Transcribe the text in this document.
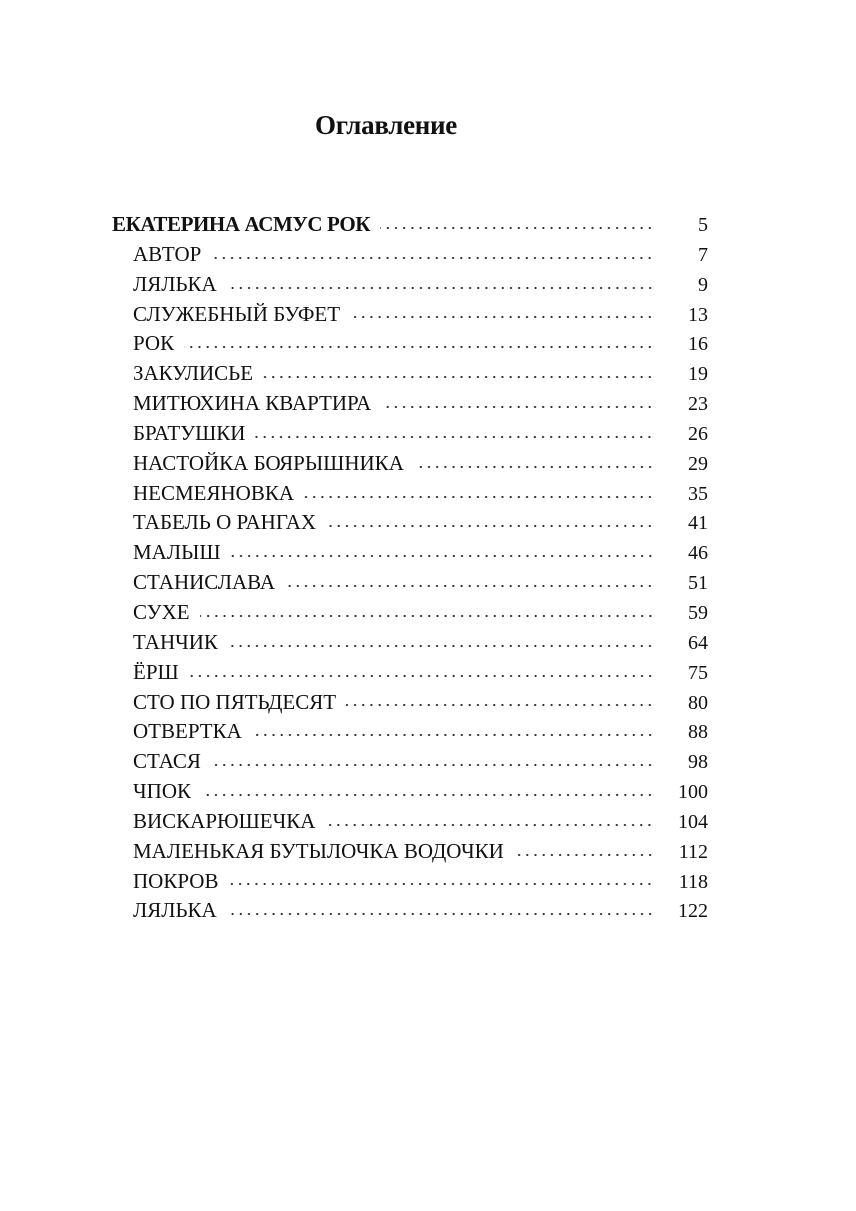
Оглавление
ЕКАТЕРИНА АСМУС РОК	5
АВТОР	7
ЛЯЛЬКА	9
СЛУЖЕБНЫЙ БУФЕТ	13
РОК	16
ЗАКУЛИСЬЕ	19
МИТЮХИНА КВАРТИРА	23
БРАТУШКИ	26
НАСТОЙКА БОЯРЫШНИКА	29
НЕСМЕЯНОВКА	35
ТАБЕЛЬ О РАНГАХ	41
МАЛЫШ	46
СТАНИСЛАВА	51
СУХЕ	59
ТАНЧИК	64
ЁРШ	75
СТО ПО ПЯТЬДЕСЯТ	80
ОТВЕРТКА	88
СТАСЯ	98
ЧПОК	100
ВИСКАРЮШЕЧКА	104
МАЛЕНЬКАЯ БУТЫЛОЧКА ВОДОЧКИ	112
ПОКРОВ	118
ЛЯЛЬКА	122
